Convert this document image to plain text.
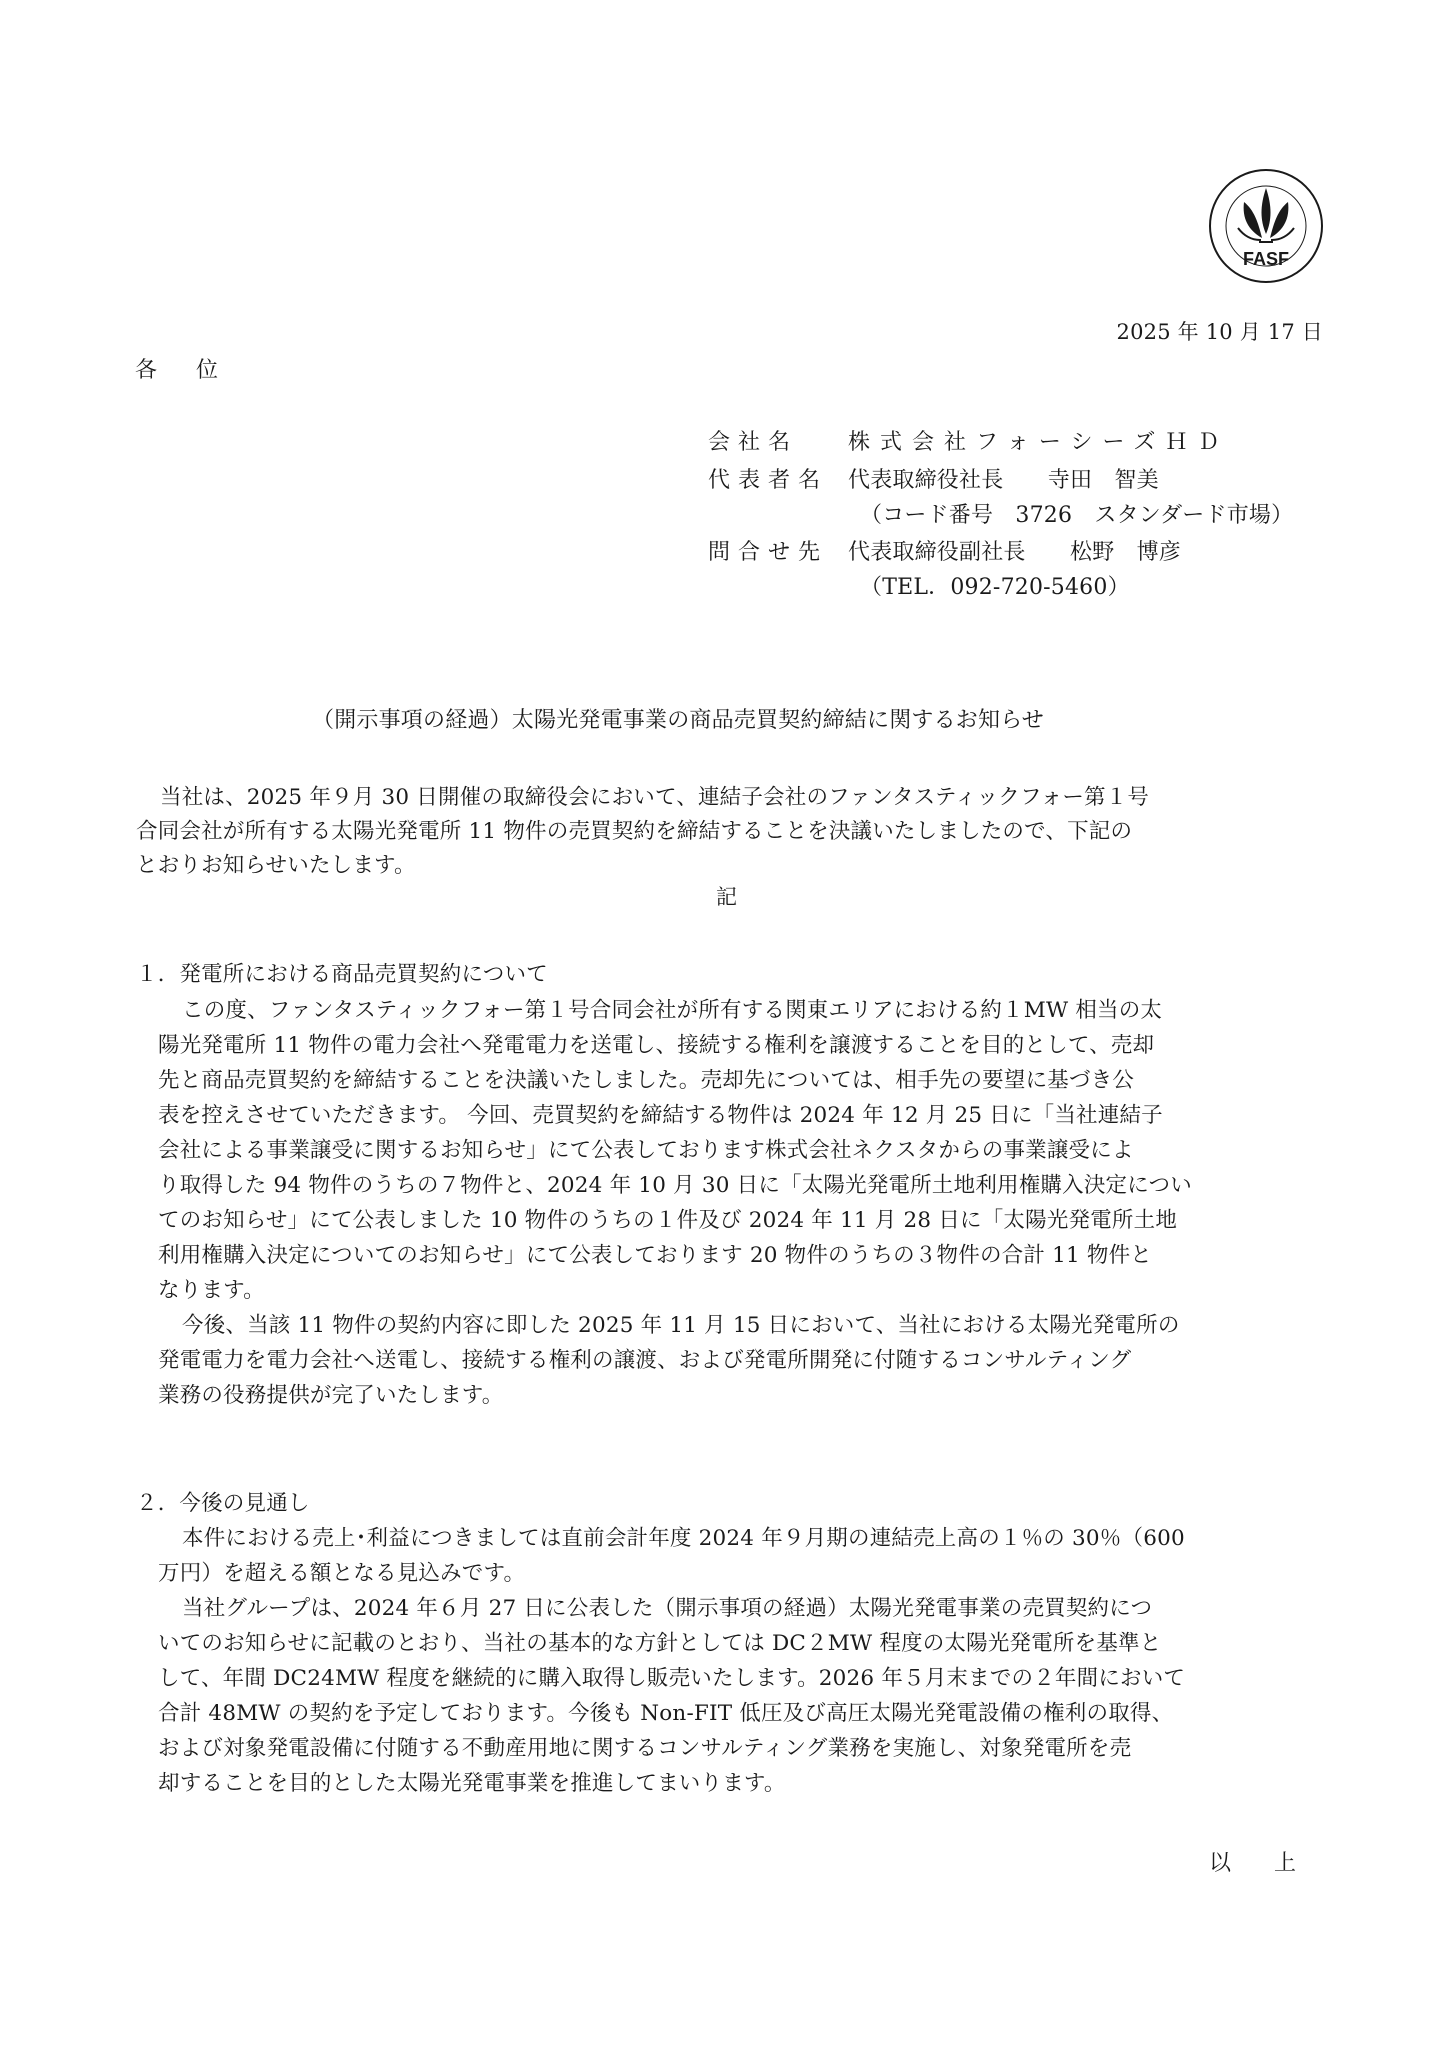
FASF
2025 年 10 月 17 日
各 位
会社名 株式会社フォーシーズＨＤ
代表者名 代表取締役社長　　寺田　智美
（コード番号　3726　スタンダード市場）
問合せ先 代表取締役副社長　　松野　博彦
（TEL．092-720-5460）
（開示事項の経過）太陽光発電事業の商品売買契約締結に関するお知らせ
当社は、2025 年９月 30 日開催の取締役会において、連結子会社のファンタスティックフォー第１号
合同会社が所有する太陽光発電所 11 物件の売買契約を締結することを決議いたしましたので、下記の
とおりお知らせいたします。
記
１．発電所における商品売買契約について
この度、ファンタスティックフォー第１号合同会社が所有する関東エリアにおける約１MW 相当の太
陽光発電所 11 物件の電力会社へ発電電力を送電し、接続する権利を譲渡することを目的として、売却
先と商品売買契約を締結することを決議いたしました。売却先については、相手先の要望に基づき公
表を控えさせていただきます。 今回、売買契約を締結する物件は 2024 年 12 月 25 日に「当社連結子
会社による事業譲受に関するお知らせ」にて公表しております株式会社ネクスタからの事業譲受によ
り取得した 94 物件のうちの７物件と、2024 年 10 月 30 日に「太陽光発電所土地利用権購入決定につい
てのお知らせ」にて公表しました 10 物件のうちの１件及び 2024 年 11 月 28 日に「太陽光発電所土地
利用権購入決定についてのお知らせ」にて公表しております 20 物件のうちの３物件の合計 11 物件と
なります。
今後、当該 11 物件の契約内容に即した 2025 年 11 月 15 日において、当社における太陽光発電所の
発電電力を電力会社へ送電し、接続する権利の譲渡、および発電所開発に付随するコンサルティング
業務の役務提供が完了いたします。
２．今後の見通し
本件における売上･利益につきましては直前会計年度 2024 年９月期の連結売上高の１％の 30％（600
万円）を超える額となる見込みです。
当社グループは、2024 年６月 27 日に公表した（開示事項の経過）太陽光発電事業の売買契約につ
いてのお知らせに記載のとおり、当社の基本的な方針としては DC２MW 程度の太陽光発電所を基準と
して、年間 DC24MW 程度を継続的に購入取得し販売いたします。2026 年５月末までの２年間において
合計 48MW の契約を予定しております。今後も Non-FIT 低圧及び高圧太陽光発電設備の権利の取得、
および対象発電設備に付随する不動産用地に関するコンサルティング業務を実施し、対象発電所を売
却することを目的とした太陽光発電事業を推進してまいります。
以 上
